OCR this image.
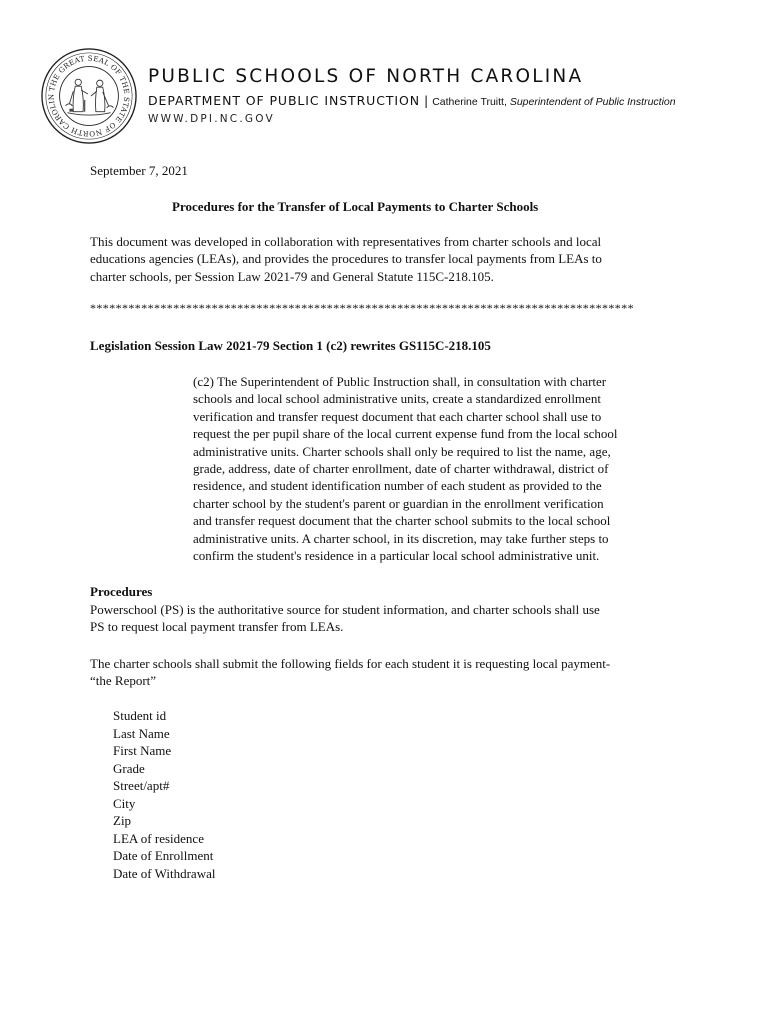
THE GREAT SEAL OF THE STATE OF NORTH CAROLIN
PUBLIC SCHOOLS OF NORTH CAROLINA
DEPARTMENT OF PUBLIC INSTRUCTION | Catherine Truitt, Superintendent of Public Instruction
WWW.DPI.NC.GOV
September 7, 2021
Procedures for the Transfer of Local Payments to Charter Schools
This document was developed in collaboration with representatives from charter schools and local
educations agencies (LEAs), and provides the procedures to transfer local payments from LEAs to
charter schools, per Session Law 2021-79 and General Statute 115C-218.105.
*************************************************************************************
Legislation Session Law 2021-79 Section 1 (c2) rewrites GS115C-218.105
(c2) The Superintendent of Public Instruction shall, in consultation with charter
schools and local school administrative units, create a standardized enrollment
verification and transfer request document that each charter school shall use to
request the per pupil share of the local current expense fund from the local school
administrative units. Charter schools shall only be required to list the name, age,
grade, address, date of charter enrollment, date of charter withdrawal, district of
residence, and student identification number of each student as provided to the
charter school by the student's parent or guardian in the enrollment verification
and transfer request document that the charter school submits to the local school
administrative units. A charter school, in its discretion, may take further steps to
confirm the student's residence in a particular local school administrative unit.
Procedures
Powerschool (PS) is the authoritative source for student information, and charter schools shall use
PS to request local payment transfer from LEAs.
The charter schools shall submit the following fields for each student it is requesting local payment-
“the Report”
Student id
Last Name
First Name
Grade
Street/apt#
City
Zip
LEA of residence
Date of Enrollment
Date of Withdrawal
